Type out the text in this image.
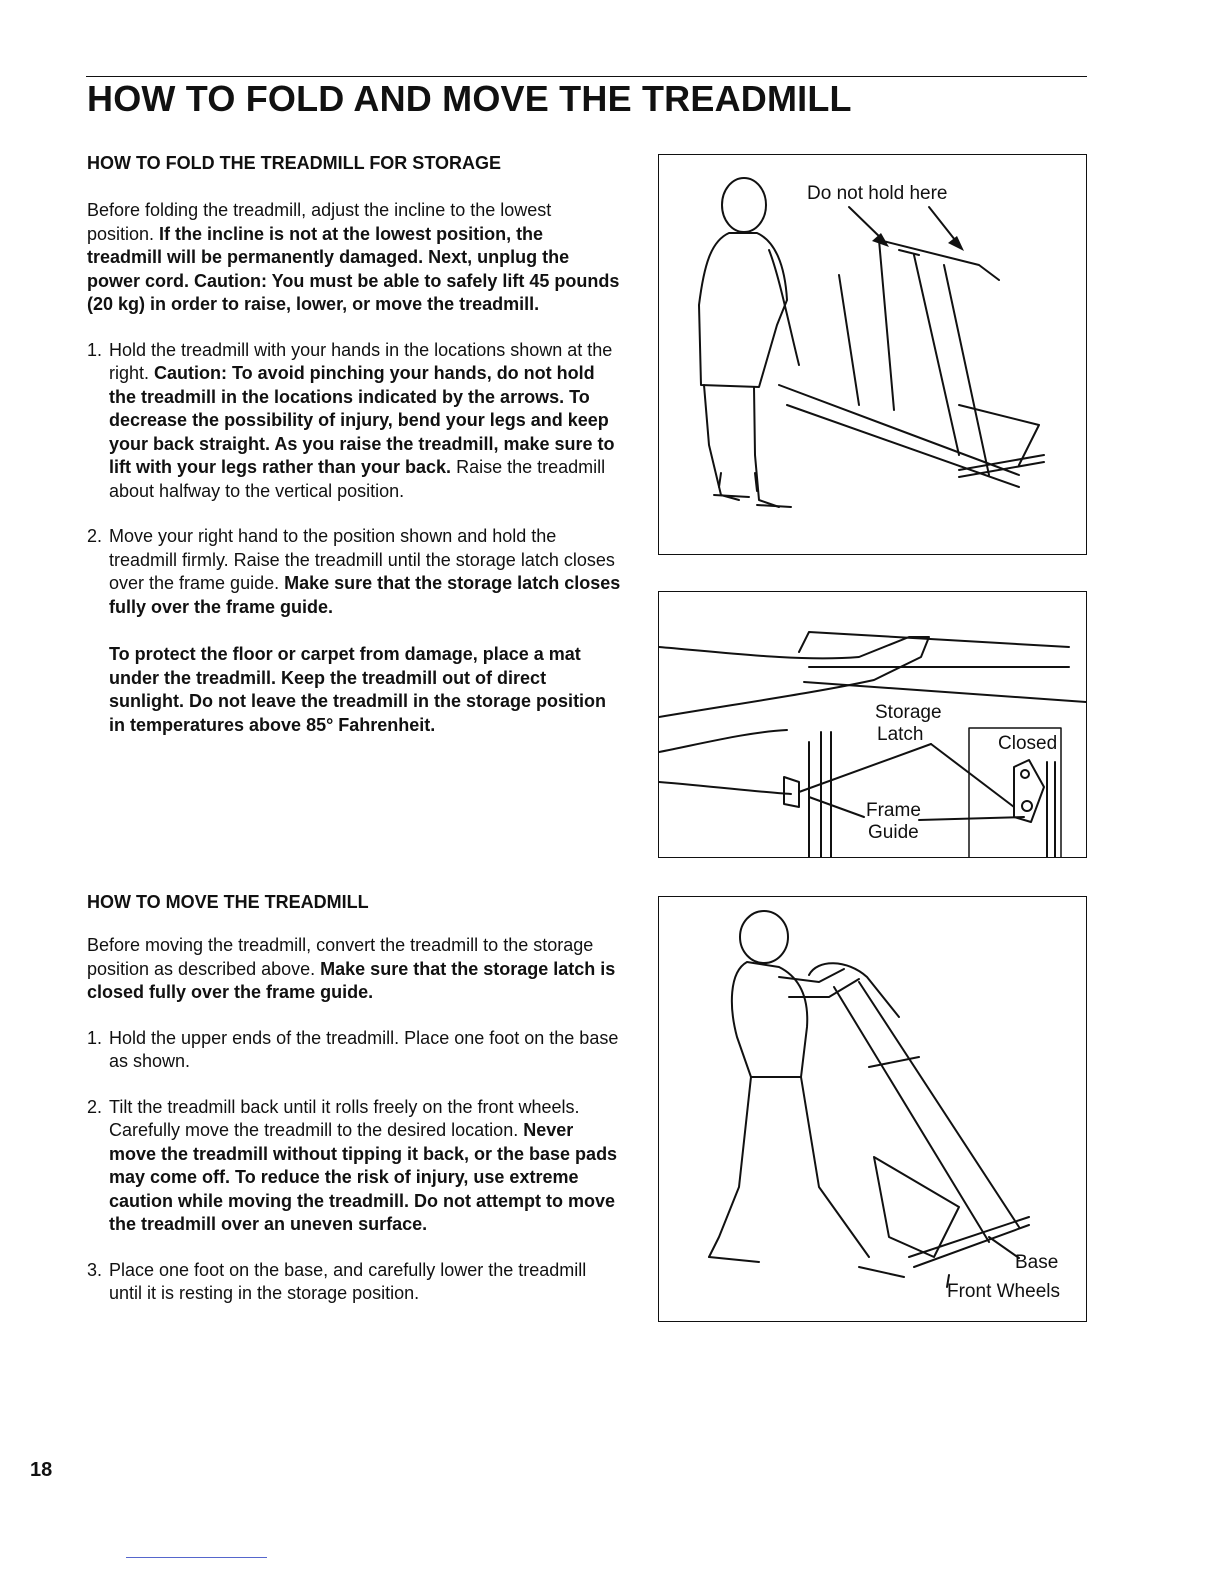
HOW TO FOLD AND MOVE THE TREADMILL
HOW TO FOLD THE TREADMILL FOR STORAGE

Before folding the treadmill, adjust the incline to the lowest position. If the incline is not at the lowest position, the treadmill will be permanently damaged. Next, unplug the power cord. Caution: You must be able to safely lift 45 pounds (20 kg) in order to raise, lower, or move the treadmill.

1. Hold the treadmill with your hands in the locations shown at the right. Caution: To avoid pinching your hands, do not hold the treadmill in the locations indicated by the arrows. To decrease the possibility of injury, bend your legs and keep your back straight. As you raise the treadmill, make sure to lift with your legs rather than your back. Raise the treadmill about halfway to the vertical position.
2. Move your right hand to the position shown and hold the treadmill firmly. Raise the treadmill until the storage latch closes over the frame guide. Make sure that the storage latch closes fully over the frame guide.

To protect the floor or carpet from damage, place a mat under the treadmill. Keep the treadmill out of direct sunlight. Do not leave the treadmill in the storage position in temperatures above 85° Fahrenheit.

HOW TO MOVE THE TREADMILL

Before moving the treadmill, convert the treadmill to the storage position as described above. Make sure that the storage latch is closed fully over the frame guide.

1. Hold the upper ends of the treadmill. Place one foot on the base as shown.
2. Tilt the treadmill back until it rolls freely on the front wheels. Carefully move the treadmill to the desired location. Never move the treadmill without tipping it back, or the base pads may come off. To reduce the risk of injury, use extreme caution while moving the treadmill. Do not attempt to move the treadmill over an uneven surface.
3. Place one foot on the base, and carefully lower the treadmill until it is resting in the storage position.
Do not hold here
Storage
Latch
Frame
Guide
Closed
Base
Front Wheels
18
